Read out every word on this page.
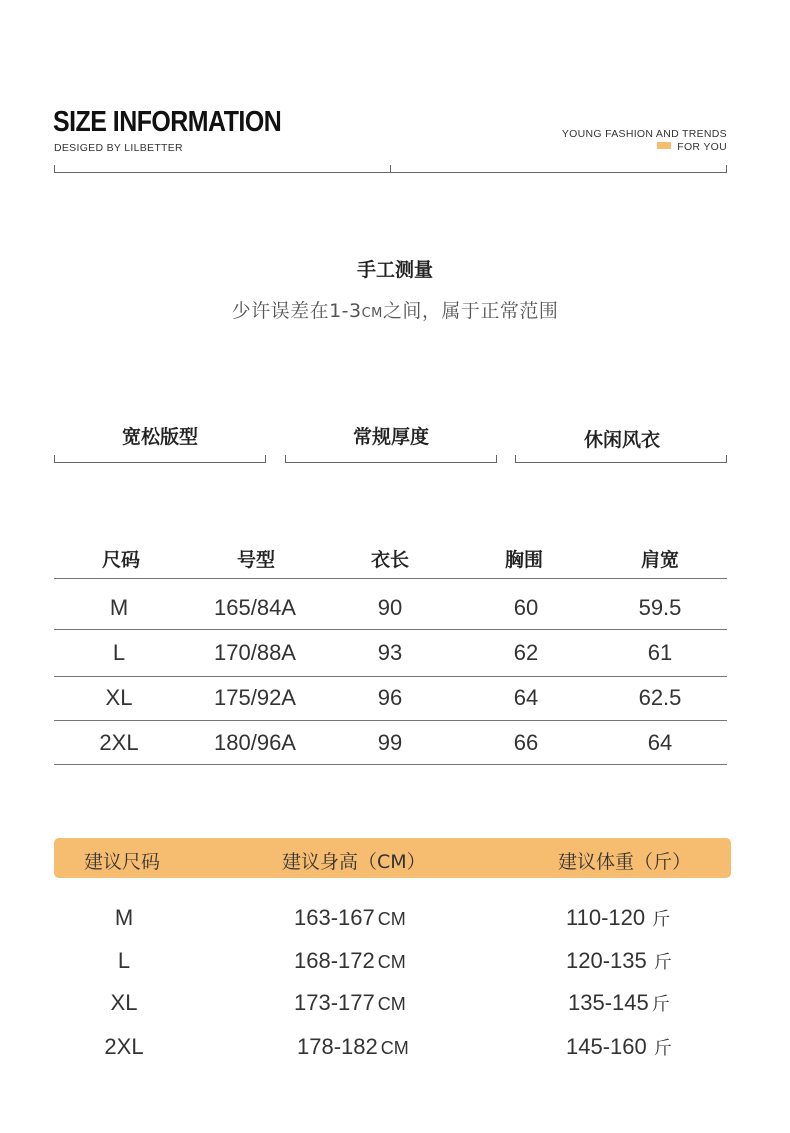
SIZE INFORMATION
DESIGED BY LILBETTER
YOUNG FASHION AND TRENDS
FOR YOU
手工测量
少许误差在1-3CM之间，属于正常范围
宽松版型	常规厚度	休闲风衣
尺码	号型	衣长	胸围	肩宽
M	165/84A	90	60	59.5
L	170/88A	93	62	61
XL	175/92A	96	64	62.5
2XL	180/96A	99	66	64
建议尺码	建议身高（CM）	建议体重（斤）
M	163-167 CM	110-120 斤
L	168-172 CM	120-135 斤
XL	173-177 CM	135-145 斤
2XL	178-182 CM	145-160 斤
